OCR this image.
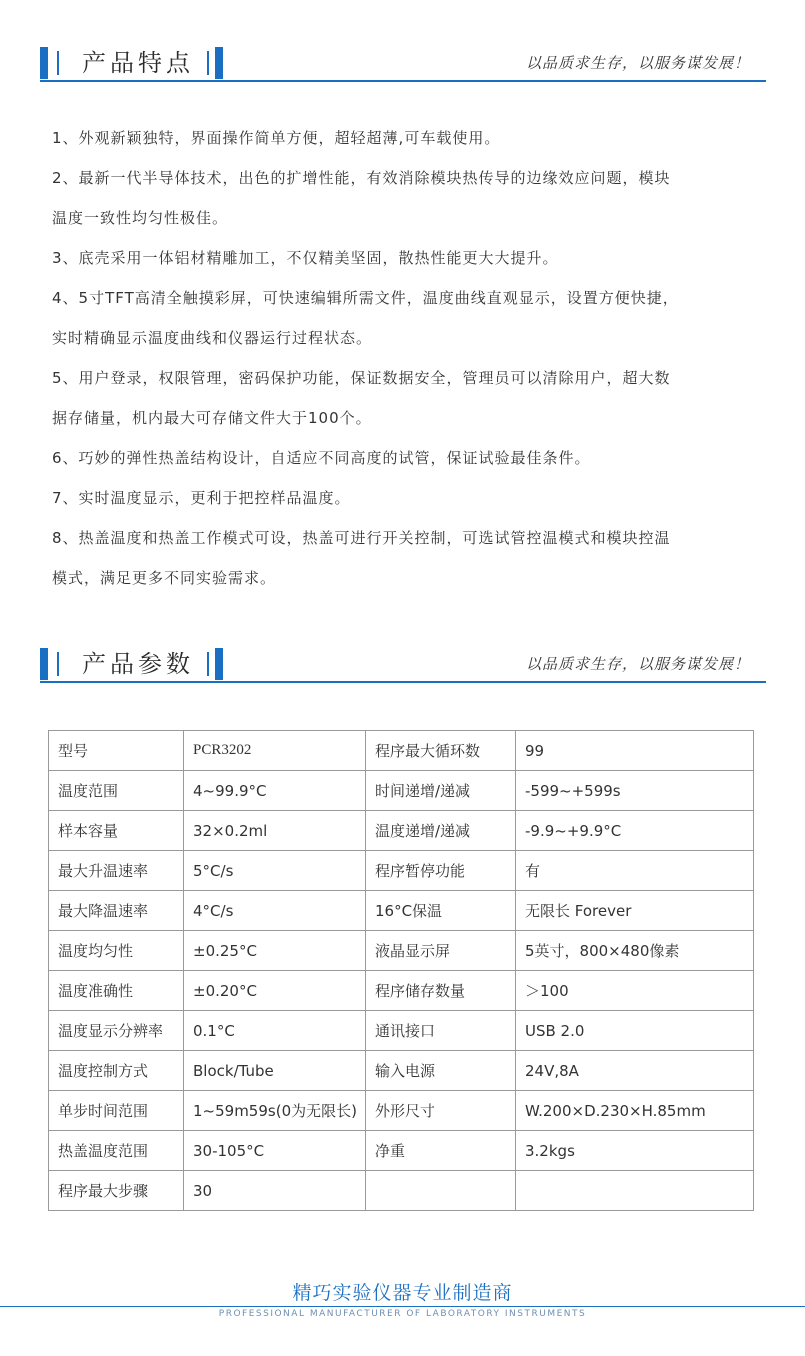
产品特点	以品质求生存，以服务谋发展！
1、外观新颖独特，界面操作简单方便，超轻超薄,可车载使用。
2、最新一代半导体技术，出色的扩增性能，有效消除模块热传导的边缘效应问题，模块
温度一致性均匀性极佳。
3、底壳采用一体铝材精雕加工，不仅精美坚固，散热性能更大大提升。
4、5寸TFT高清全触摸彩屏，可快速编辑所需文件，温度曲线直观显示，设置方便快捷，
实时精确显示温度曲线和仪器运行过程状态。
5、用户登录，权限管理，密码保护功能，保证数据安全，管理员可以清除用户，超大数
据存储量，机内最大可存储文件大于100个。
6、巧妙的弹性热盖结构设计，自适应不同高度的试管，保证试验最佳条件。
7、实时温度显示，更利于把控样品温度。
8、热盖温度和热盖工作模式可设，热盖可进行开关控制，可选试管控温模式和模块控温
模式，满足更多不同实验需求。
产品参数	以品质求生存，以服务谋发展！
型号	PCR3202	程序最大循环数	99
温度范围	4~99.9°C	时间递增/递减	-599~+599s
样本容量	32×0.2ml	温度递增/递减	-9.9~+9.9°C
最大升温速率	5°C/s	程序暂停功能	有
最大降温速率	4°C/s	16°C保温	无限长 Forever
温度均匀性	±0.25°C	液晶显示屏	5英寸，800×480像素
温度准确性	±0.20°C	程序储存数量	＞100
温度显示分辨率	0.1°C	通讯接口	USB 2.0
温度控制方式	Block/Tube	输入电源	24V,8A
单步时间范围	1~59m59s(0为无限长)	外形尺寸	W.200×D.230×H.85mm
热盖温度范围	30-105°C	净重	3.2kgs
程序最大步骤	30		
精巧实验仪器专业制造商
PROFESSIONAL MANUFACTURER OF LABORATORY INSTRUMENTS
